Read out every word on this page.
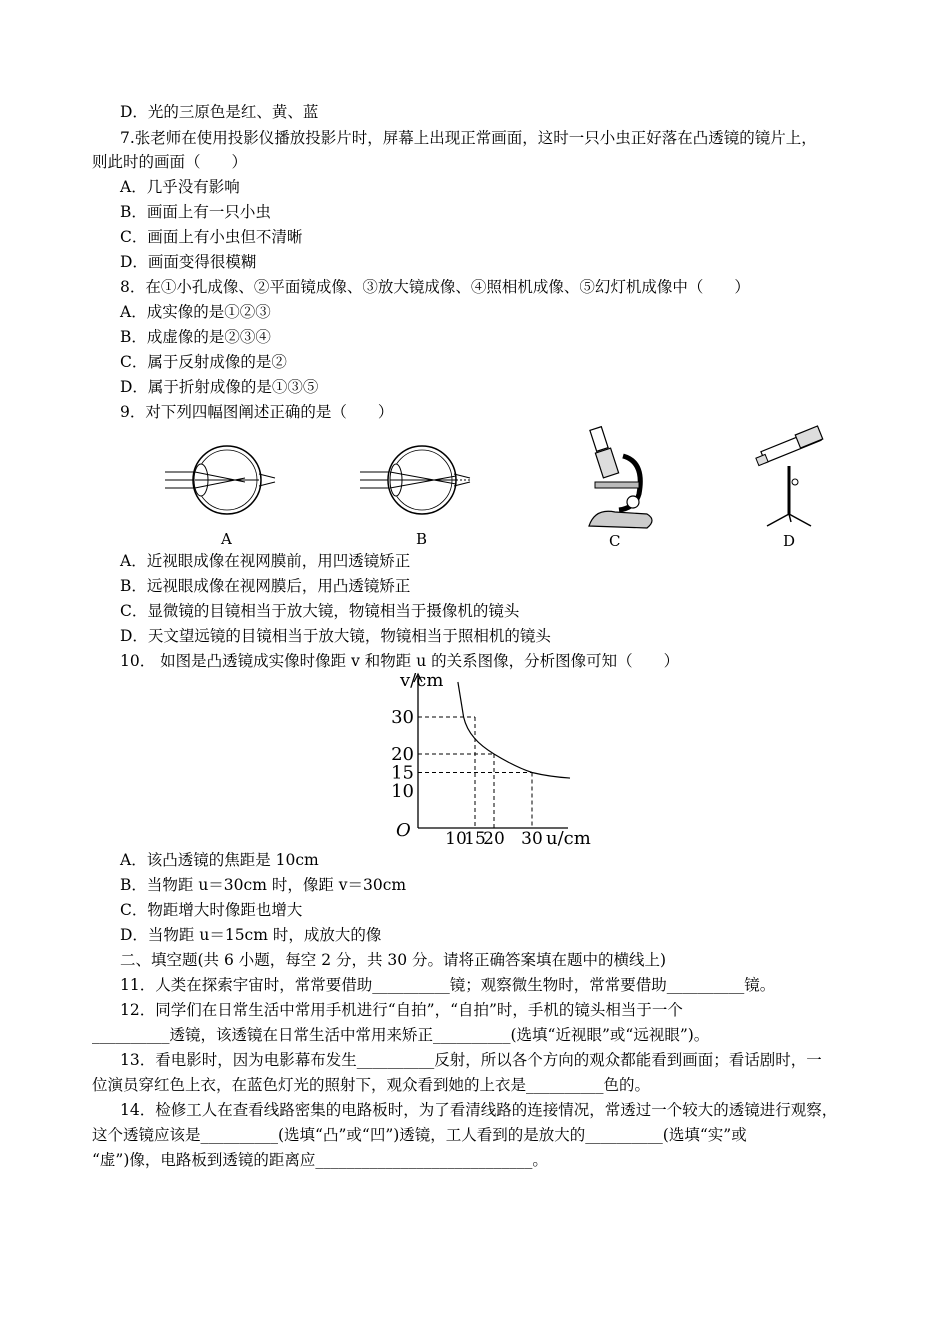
D．光的三原色是红、黄、蓝
7.张老师在使用投影仪播放投影片时，屏幕上出现正常画面，这时一只小虫正好落在凸透镜的镜片上，
则此时的画面（　　）
A．几乎没有影响
B．画面上有一只小虫
C．画面上有小虫但不清晰
D．画面变得很模糊
8．在①小孔成像、②平面镜成像、③放大镜成像、④照相机成像、⑤幻灯机成像中（　　）
A．成实像的是①②③
B．成虚像的是②③④
C．属于反射成像的是②
D．属于折射成像的是①③⑤
9．对下列四幅图阐述正确的是（　　）
A．近视眼成像在视网膜前，用凹透镜矫正
B．远视眼成像在视网膜后，用凸透镜矫正
C．显微镜的目镜相当于放大镜，物镜相当于摄像机的镜头
D．天文望远镜的目镜相当于放大镜，物镜相当于照相机的镜头
10． 如图是凸透镜成实像时像距 v 和物距 u 的关系图像，分析图像可知（　　）
A．该凸透镜的焦距是 10cm
B．当物距 u＝30cm 时，像距 v＝30cm
C．物距增大时像距也增大
D．当物距 u＝15cm 时，成放大的像
二、填空题(共 6 小题，每空 2 分，共 30 分。请将正确答案填在题中的横线上)
11．人类在探索宇宙时，常常要借助__________镜；观察微生物时，常常要借助__________镜。
12．同学们在日常生活中常用手机进行“自拍”，“自拍”时，手机的镜头相当于一个
__________透镜，该透镜在日常生活中常用来矫正__________(选填“近视眼”或“远视眼”)。
13．看电影时，因为电影幕布发生__________反射，所以各个方向的观众都能看到画面；看话剧时，一
位演员穿红色上衣，在蓝色灯光的照射下，观众看到她的上衣是__________色的。
14．检修工人在查看线路密集的电路板时，为了看清线路的连接情况，常透过一个较大的透镜进行观察，
这个透镜应该是__________(选填“凸”或“凹”)透镜，工人看到的是放大的__________(选填“实”或
“虚”)像，电路板到透镜的距离应____________________________。
A	B	C	D
10
15
20
30
10
15
20 30
O
v/cm
u/cm
